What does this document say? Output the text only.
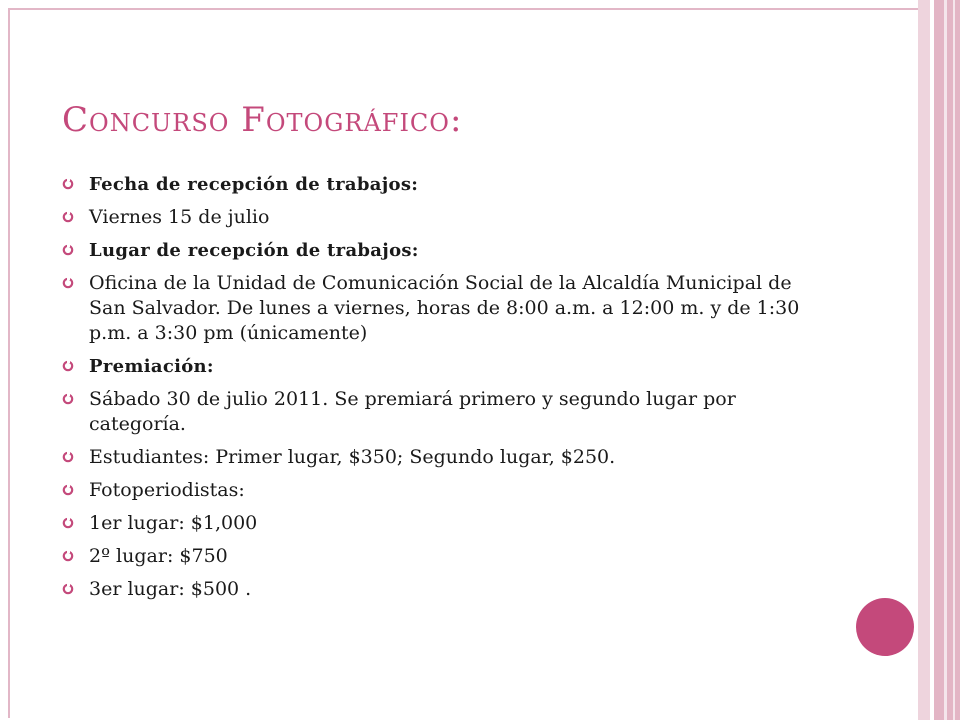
Concurso Fotográfico:
Fecha de recepción de trabajos:
Viernes 15 de julio
Lugar de recepción de trabajos:
Oficina de la Unidad de Comunicación Social de la Alcaldía Municipal de San Salvador. De lunes a viernes, horas de 8:00 a.m. a 12:00 m. y de 1:30 p.m. a 3:30 pm (únicamente)
Premiación:
Sábado 30 de julio 2011. Se premiará primero y segundo lugar por categoría.
Estudiantes: Primer lugar, $350; Segundo lugar, $250.
Fotoperiodistas:
1er lugar: $1,000
2º lugar: $750
3er lugar: $500 .
